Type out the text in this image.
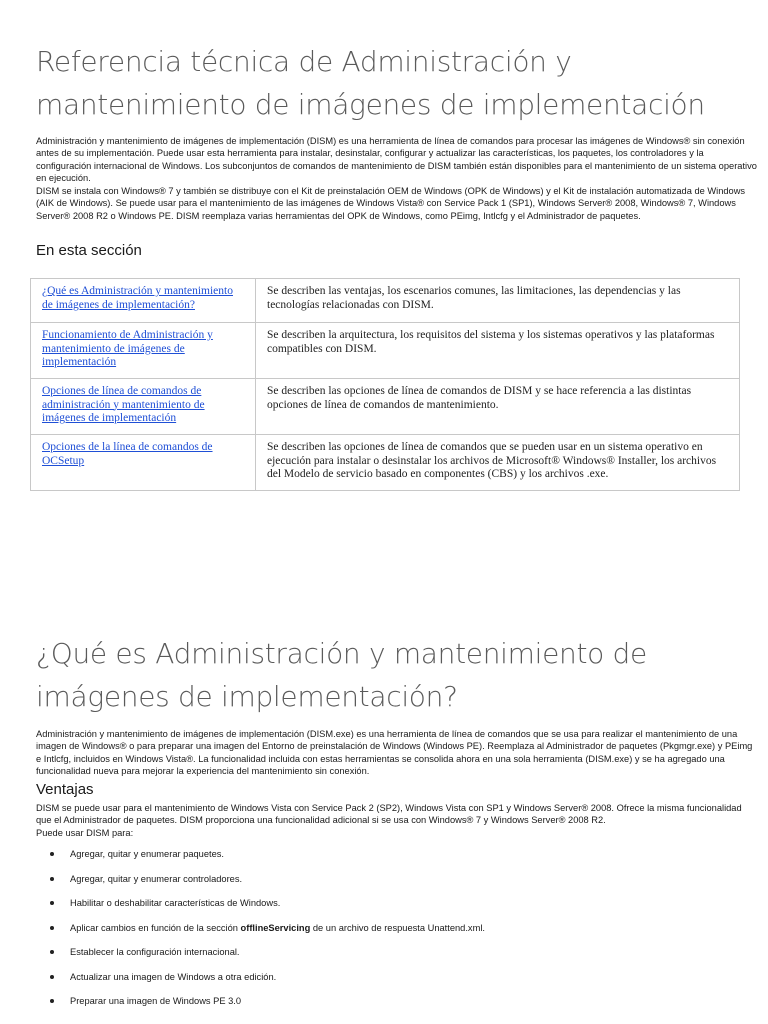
Referencia técnica de Administración y
mantenimiento de imágenes de implementación
Administración y mantenimiento de imágenes de implementación (DISM) es una herramienta de línea de comandos para procesar las imágenes de Windows® sin conexión antes de su implementación. Puede usar esta herramienta para instalar, desinstalar, configurar y actualizar las características, los paquetes, los controladores y la configuración internacional de Windows. Los subconjuntos de comandos de mantenimiento de DISM también están disponibles para el mantenimiento de un sistema operativo en ejecución.
DISM se instala con Windows® 7 y también se distribuye con el Kit de preinstalación OEM de Windows (OPK de Windows) y el Kit de instalación automatizada de Windows (AIK de Windows). Se puede usar para el mantenimiento de las imágenes de Windows Vista® con Service Pack 1 (SP1), Windows Server® 2008, Windows® 7, Windows Server® 2008 R2 o Windows PE. DISM reemplaza varias herramientas del OPK de Windows, como PEimg, Intlcfg y el Administrador de paquetes.
En esta sección
¿Qué es Administración y mantenimiento de imágenes de implementación?	Se describen las ventajas, los escenarios comunes, las limitaciones, las dependencias y las tecnologías relacionadas con DISM.
Funcionamiento de Administración y mantenimiento de imágenes de implementación	Se describen la arquitectura, los requisitos del sistema y los sistemas operativos y las plataformas compatibles con DISM.
Opciones de línea de comandos de administración y mantenimiento de imágenes de implementación	Se describen las opciones de línea de comandos de DISM y se hace referencia a las distintas opciones de línea de comandos de mantenimiento.
Opciones de la línea de comandos de OCSetup	Se describen las opciones de línea de comandos que se pueden usar en un sistema operativo en ejecución para instalar o desinstalar los archivos de Microsoft® Windows® Installer, los archivos del Modelo de servicio basado en componentes (CBS) y los archivos .exe.
¿Qué es Administración y mantenimiento de
imágenes de implementación?
Administración y mantenimiento de imágenes de implementación (DISM.exe) es una herramienta de línea de comandos que se usa para realizar el mantenimiento de una imagen de Windows® o para preparar una imagen del Entorno de preinstalación de Windows (Windows PE). Reemplaza al Administrador de paquetes (Pkgmgr.exe) y PEimg e Intlcfg, incluidos en Windows Vista®. La funcionalidad incluida con estas herramientas se consolida ahora en una sola herramienta (DISM.exe) y se ha agregado una funcionalidad nueva para mejorar la experiencia del mantenimiento sin conexión.
Ventajas
DISM se puede usar para el mantenimiento de Windows Vista con Service Pack 2 (SP2), Windows Vista con SP1 y Windows Server® 2008. Ofrece la misma funcionalidad que el Administrador de paquetes. DISM proporciona una funcionalidad adicional si se usa con Windows® 7 y Windows Server® 2008 R2.
Puede usar DISM para:
Agregar, quitar y enumerar paquetes.
Agregar, quitar y enumerar controladores.
Habilitar o deshabilitar características de Windows.
Aplicar cambios en función de la sección offlineServicing de un archivo de respuesta Unattend.xml.
Establecer la configuración internacional.
Actualizar una imagen de Windows a otra edición.
Preparar una imagen de Windows PE 3.0
